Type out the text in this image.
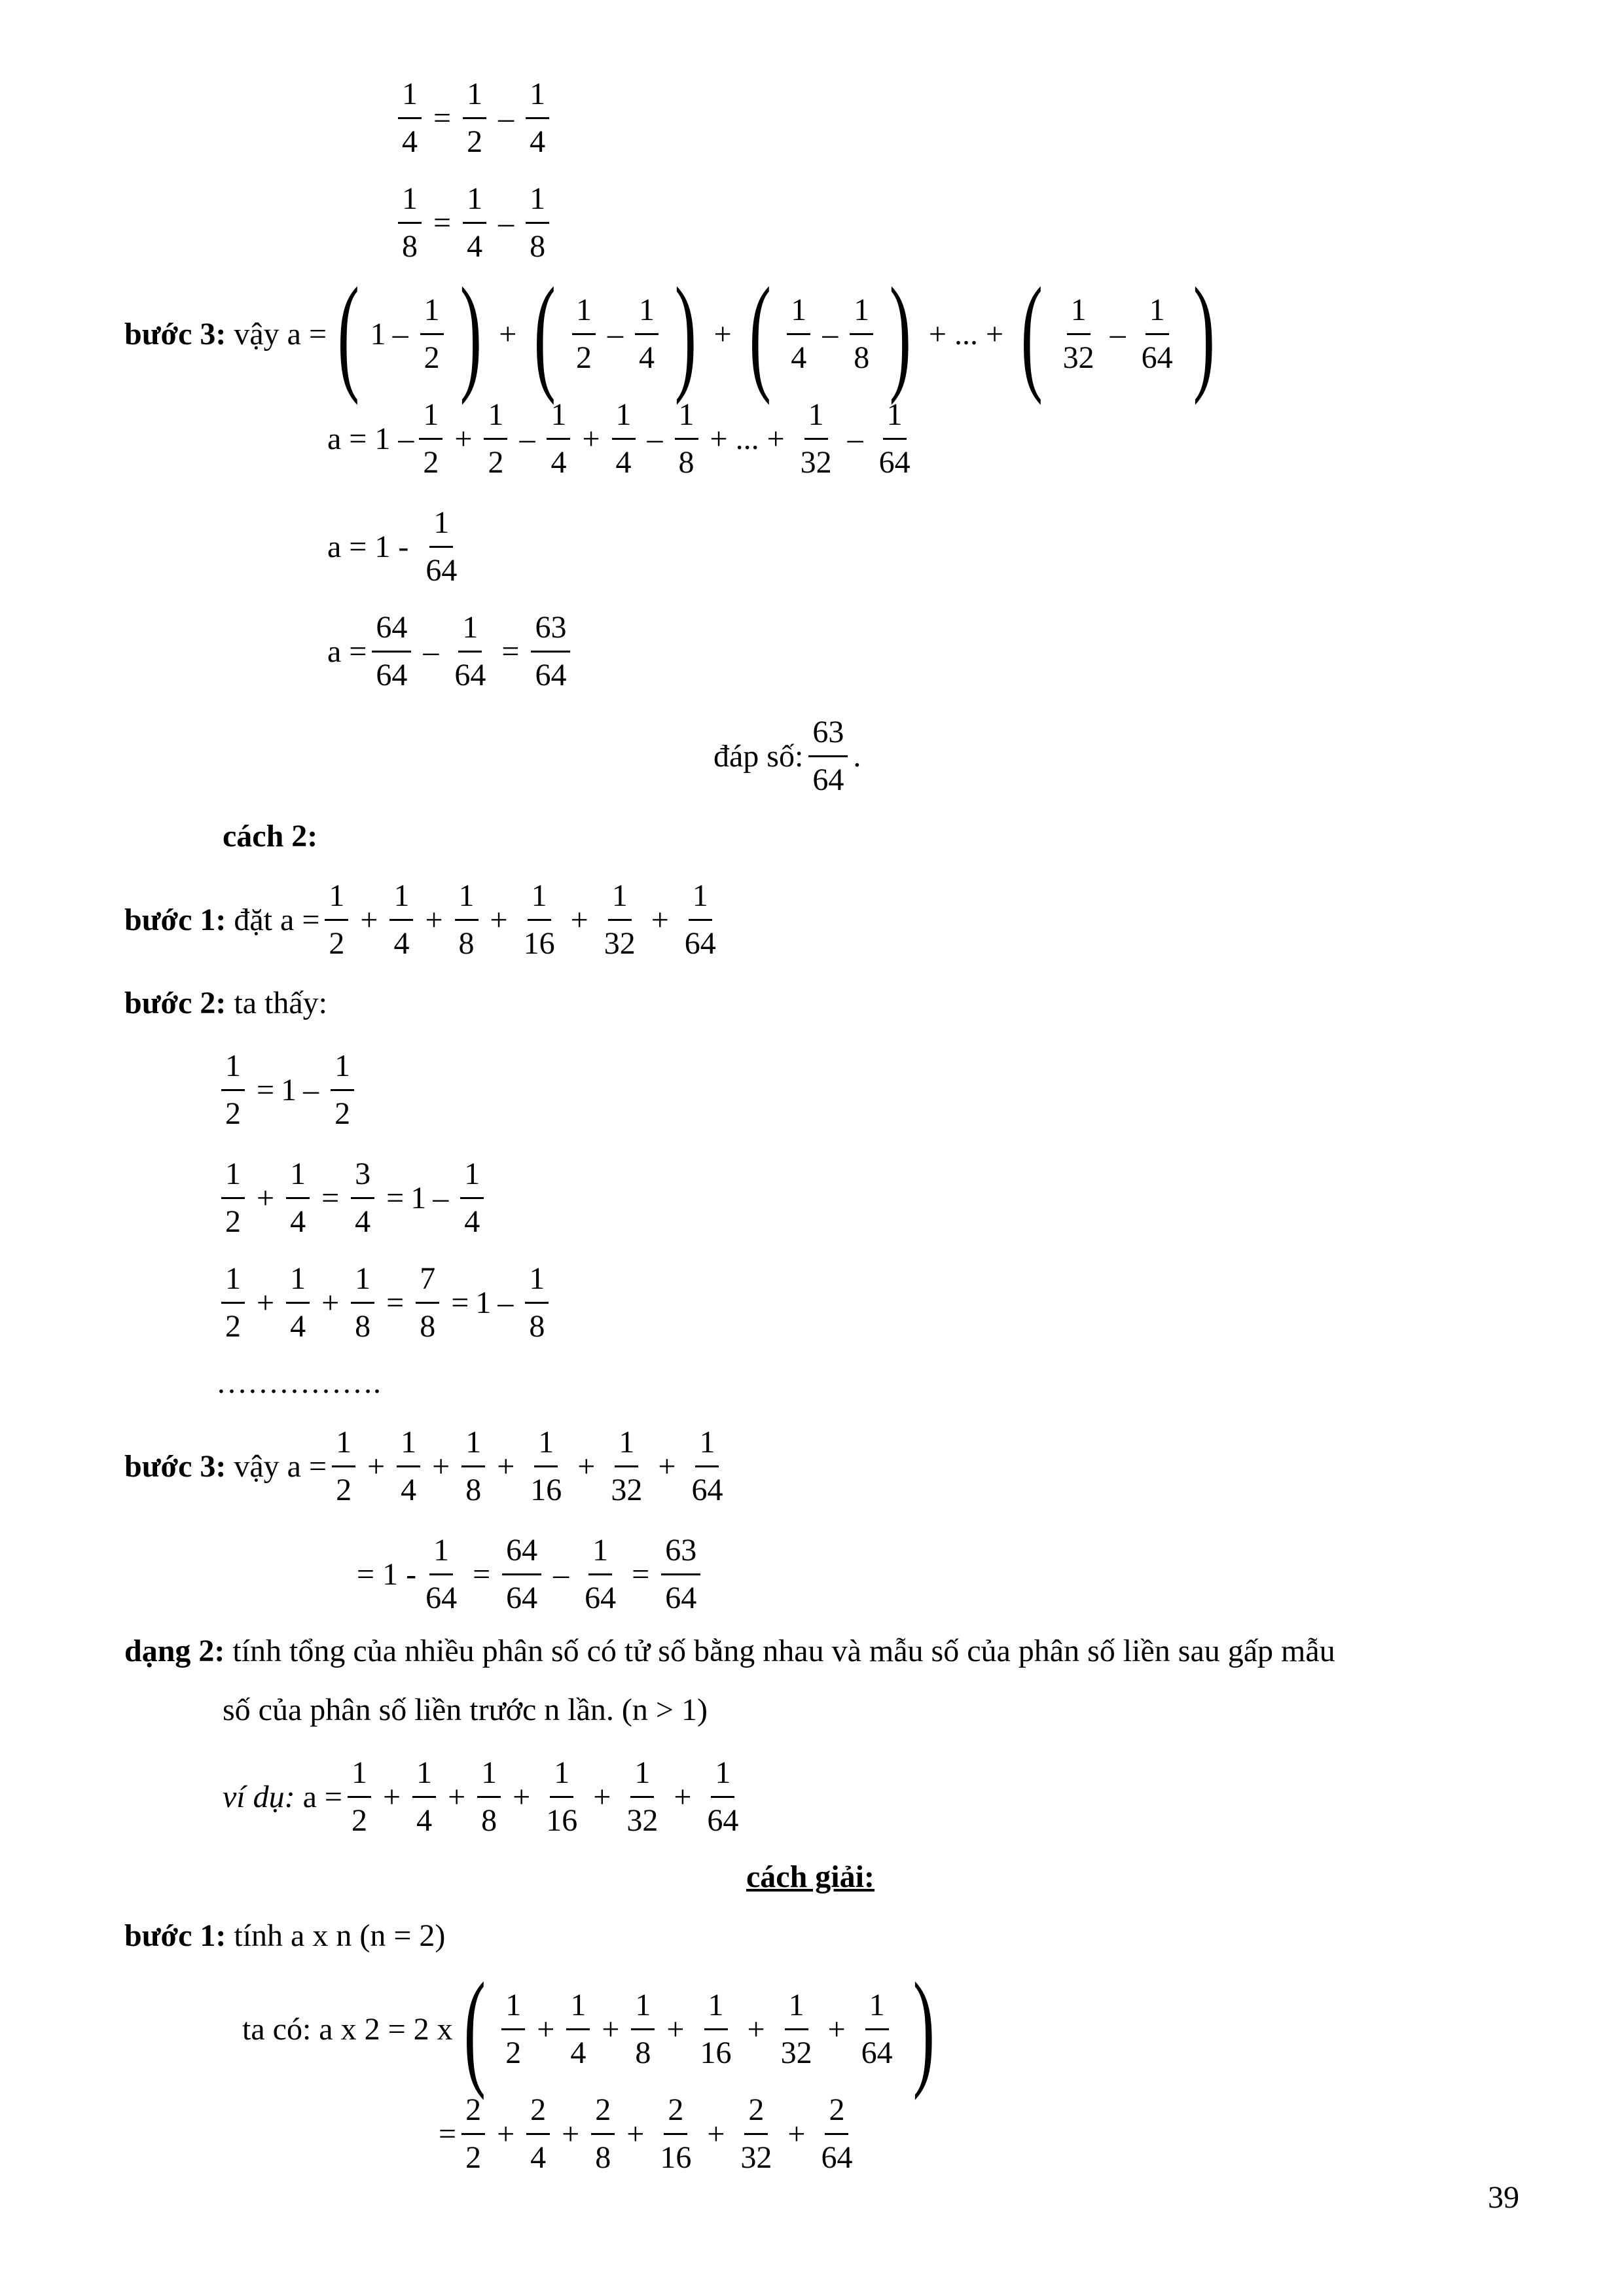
$\frac{1}{4} = \frac{1}{2}$ –
1
4
$\frac{1}{8} = \frac{1}{4}$ –
1
8
bước 3:
vậy a = ( 1 –
1
2 ) + ( 1
2
–
1
4 ) + ( 1
4
–
1
8 ) + ... + ( 1
32
–
1
64 )
a = 1 –
1
2
+ $\frac{1}{2}$ –
1
4
+ $\frac{1}{4}$ –
1
8
+ ... + $\frac{1}{32}$ –
1
64
a = 1 -

1
64
$a = \frac{64}{64} - \frac{1}{64} = \frac{63}{64}$
đáp số:
63
64
.
cách 2:
bước 1:
đặt $a = \frac{1}{2} + \frac{1}{4} + \frac{1}{8} + \frac{1}{16} + \frac{1}{32} + \frac{1}{64}$
bước 2:
ta thấy:
$\frac{1}{2} = 1$ –
1
2
1
2
+ $\frac{1}{4} = \frac{3}{4} = 1$ –
1
4
1
2
+ $\frac{1}{4} + \frac{1}{8} = \frac{7}{8} = 1$ –
1
8
…………….
bước 3:
vậy $a = \frac{1}{2} + \frac{1}{4} + \frac{1}{8} + \frac{1}{16} + \frac{1}{32} + \frac{1}{64}$
= $1 - \frac{1}{64} = \frac{64}{64} - \frac{1}{64} = \frac{63}{64}$
dạng 2:
tính tổng của nhiều phân số có tử số bằng nhau và mẫu số của phân số liền sau gấp mẫu
số của phân số liền trước n lần. (n > 1)
ví dụ:
$a = \frac{1}{2} + \frac{1}{4} + \frac{1}{8} + \frac{1}{16} + \frac{1}{32} + \frac{1}{64}$
cách giải:
bước 1:
tính a x n (n = 2)
ta có: a x 2 = 2 x ( 1
2
+ $\frac{1}{4} + \frac{1}{8} + \frac{1}{16} + \frac{1}{32} + \frac{1}{64}$ )
= $\frac{2}{2} + \frac{2}{4} + \frac{2}{8} + \frac{2}{16} + \frac{2}{32} + \frac{2}{64}$
39
